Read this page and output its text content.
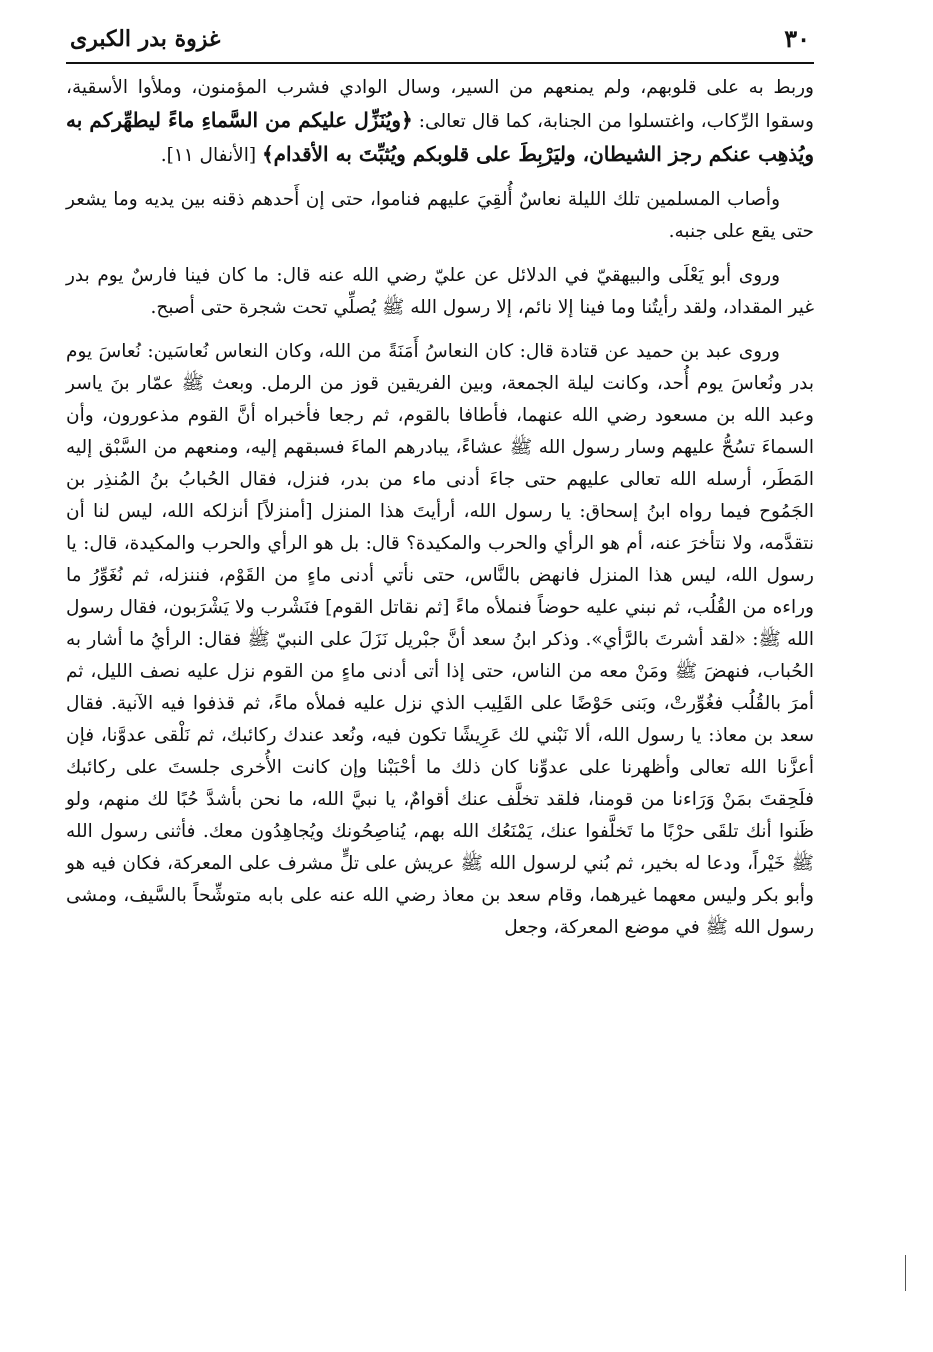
٣٠
غزوة بدر الكبرى

وربط به على قلوبهم، ولم يمنعهم من السير، وسال الوادي فشرب المؤمنون، وملأوا الأسقية، وسقوا الرِّكاب، واغتسلوا من الجنابة، كما قال تعالى: ﴿ويُنَزِّل عليكم من السَّماءِ ماءً ليطهِّركم به ويُذهِب عنكم رجز الشيطان، وليَرْبِطَ على قلوبكم ويُثبِّتَ به الأقدام﴾ [الأنفال ١١].

وأصاب المسلمين تلك الليلة نعاسٌ أُلقِيَ عليهم فناموا، حتى إن أَحدهم ذقنه بين يديه وما يشعر حتى يقع على جنبه.

وروى أبو يَعْلَى والبيهقيّ في الدلائل عن عليّ رضي الله عنه قال: ما كان فينا فارسٌ يوم بدر غير المقداد، ولقد رأيتُنا وما فينا إلا نائم، إلا رسول الله ﷺ يُصلِّي تحت شجرة حتى أصبح.

وروى عبد بن حميد عن قتادة قال: كان النعاسُ أَمَنَةً من الله، وكان النعاس نُعاسَين: نُعاسَ يوم بدر ونُعاسَ يوم أُحد، وكانت ليلة الجمعة، وبين الفريقين قوز من الرمل. وبعث ﷺ عمّار بنَ ياسر وعبد الله بن مسعود رضي الله عنهما، فأطافا بالقوم، ثم رجعا فأخبراه أنَّ القوم مذعورون، وأن السماءَ تسُحُّ عليهم وسار رسول الله ﷺ عشاءً، يبادرهم الماءَ فسبقهم إليه، ومنعهم من السَّبْق إليه المَطَر، أرسله الله تعالى عليهم حتى جاءَ أدنى ماء من بدر، فنزل، فقال الحُبابُ بنُ المُنذِر بن الجَمُوح فيما رواه ابنُ إسحاق: يا رسول الله، أرأيتَ هذا المنزل [أمنزلاً] أنزلكه الله، ليس لنا أن نتقدَّمه، ولا نتأخرَ عنه، أم هو الرأي والحرب والمكيدة؟ قال: بل هو الرأي والحرب والمكيدة، قال: يا رسول الله، ليس هذا المنزل فانهض بالنَّاس، حتى نأتي أدنى ماءٍ من القَوْم، فننزله، ثم نُغَوِّرُ ما وراءه من القُلُب، ثم نبني عليه حوضاً فنملأه ماءً [ثم نقاتل القوم] فنَشْرب ولا يَشْرَبون، فقال رسول الله ﷺ: «لقد أشرتَ بالرَّأي». وذكر ابنُ سعد أنَّ جبْريل نَزَلَ على النبيّ ﷺ فقال: الرأيُ ما أشار به الحُباب، فنهضَ ﷺ ومَنْ معه من الناس، حتى إذا أتى أدنى ماءٍ من القوم نزل عليه نصف الليل، ثم أمرَ بالقُلُب فغُوِّرتْ، وبَنى حَوْضًا على القَلِيب الذي نزل عليه فملأه ماءً، ثم قذفوا فيه الآنية. فقال سعد بن معاذ: يا رسول الله، ألا نَبْني لك عَرِيشًا تكون فيه، ونُعد عندك ركائبك، ثم نَلْقى عدوَّنا، فإن أعزَّنا الله تعالى وأظهرنا على عدوِّنا كان ذلك ما أحْبَبْنا وإن كانت الأُخرى جلستَ على ركائبك فلَحِقتَ بمَنْ وَرَاءنا من قومنا، فلقد تخلَّف عنك أقوامٌ، يا نبيَّ الله، ما نحن بأشدَّ حُبًا لك منهم، ولو ظَنوا أنك تلقَى حرْبًا ما تَخلَّفوا عنك، يَمْنَعُك الله بهم، يُناصِحُونك ويُجاهِدُون معك. فأثنى رسول الله ﷺ خَيْراً، ودعا له بخير، ثم بُني لرسول الله ﷺ عريش على تلٍّ مشرف على المعركة، فكان فيه هو وأبو بكر وليس معهما غيرهما، وقام سعد بن معاذ رضي الله عنه على بابه متوشِّحاً بالسَّيف، ومشى رسول الله ﷺ في موضع المعركة، وجعل
